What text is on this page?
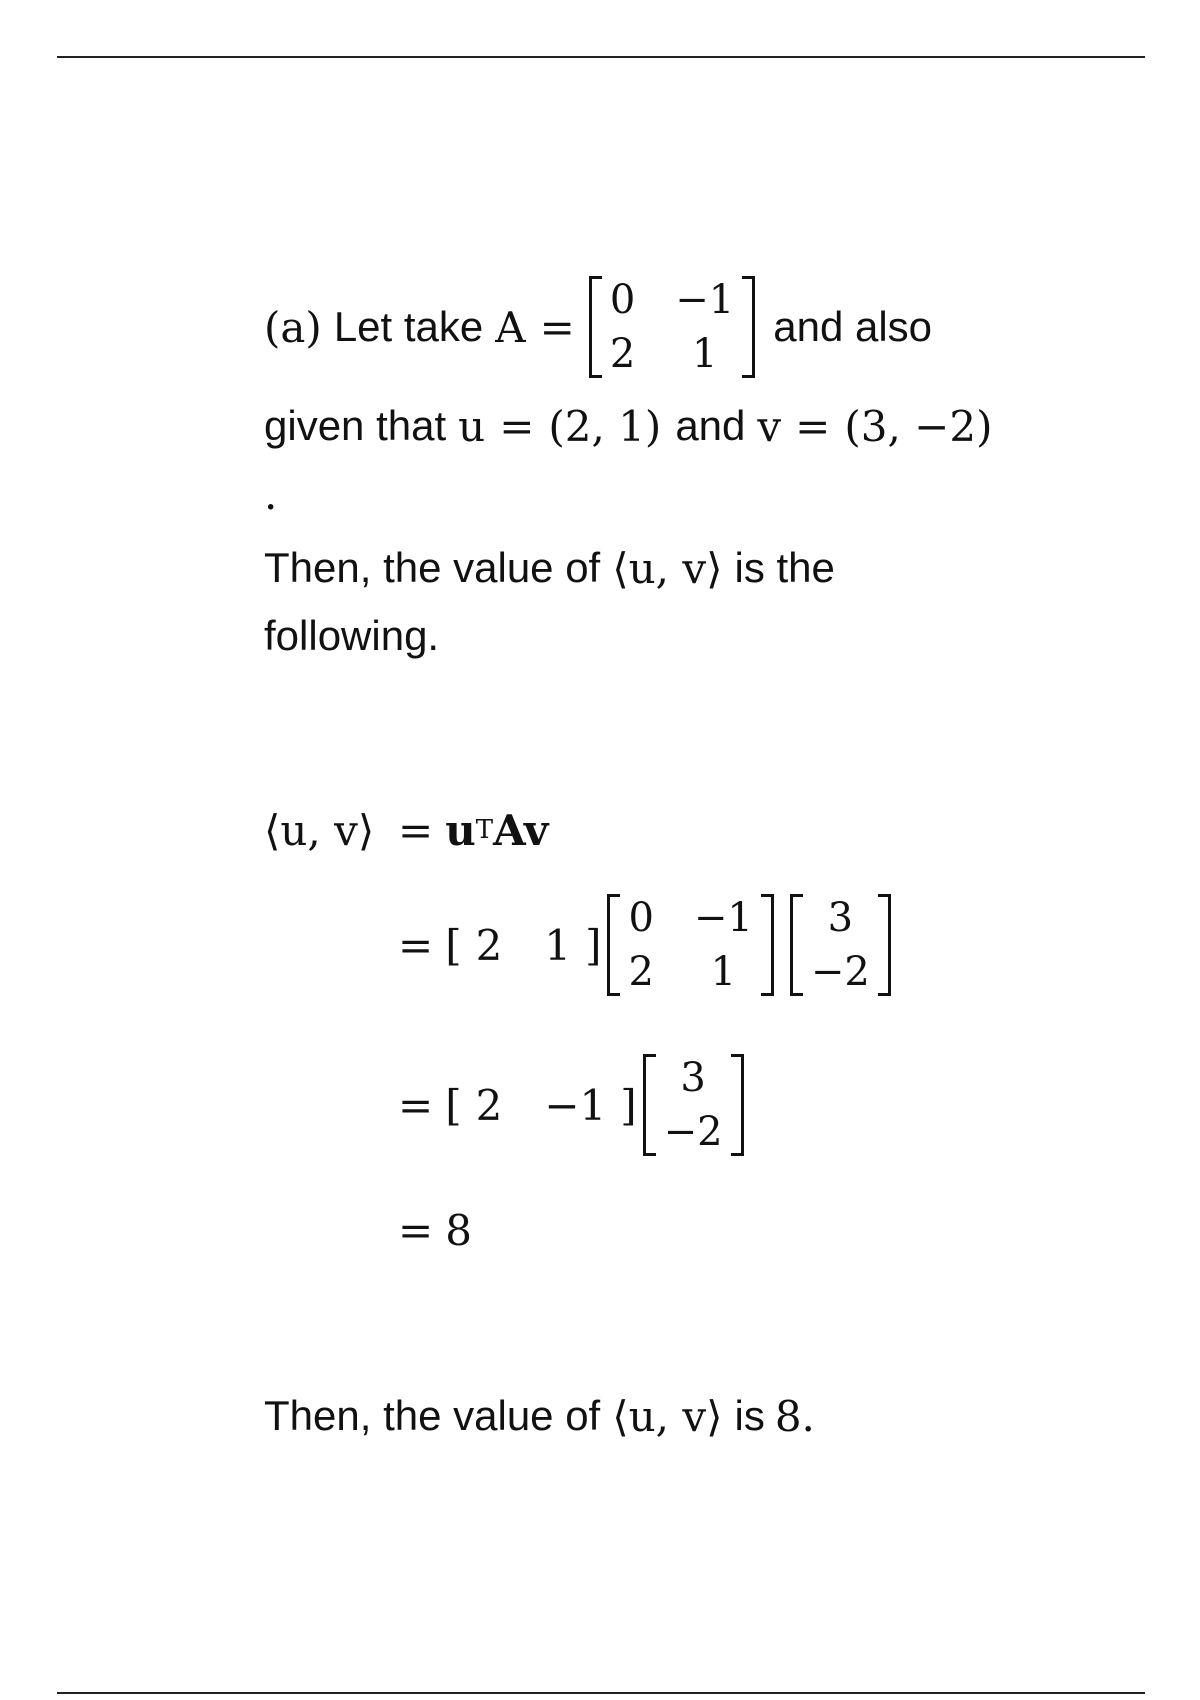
(a) Let take A =
0 −1
2 1
and also
given that u = (2, 1) and v = (3, −2)
.
Then, the value of ⟨u, v⟩ is the
following.
⟨u, v⟩ = u T Av
= [ 2	1 ]
0 −1
2 1
3
−2
= [ 2	−1 ]
3
−2
= 8
Then, the value of ⟨u, v⟩ is 8.
